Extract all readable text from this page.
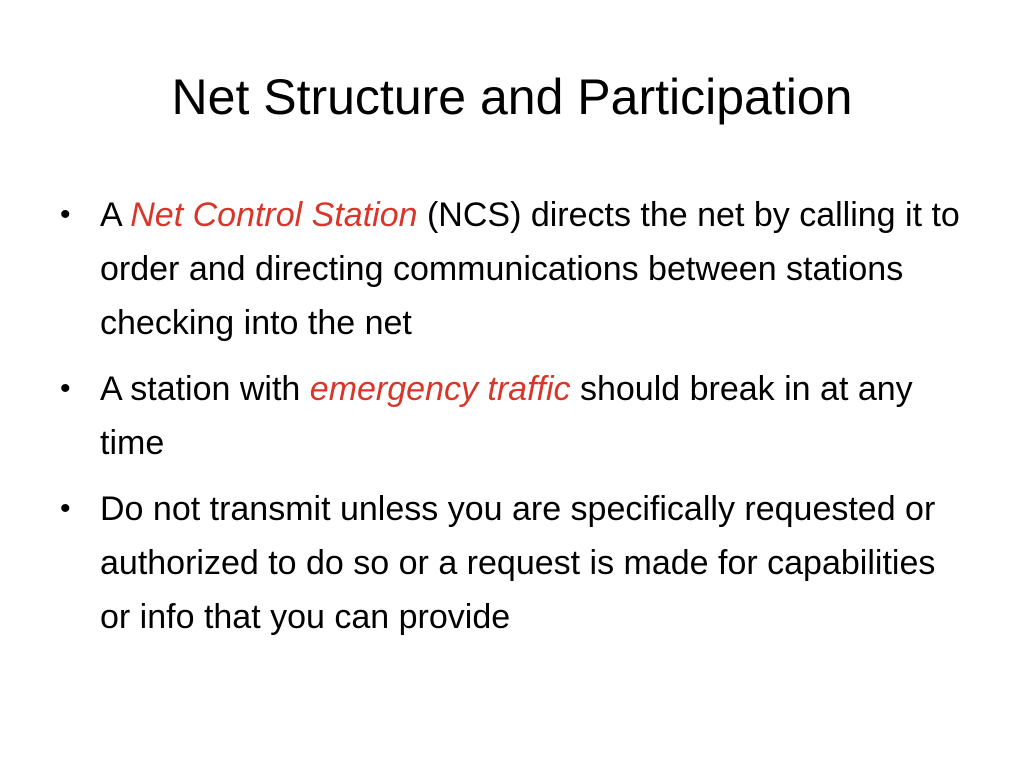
Net Structure and Participation
• A Net Control Station (NCS) directs the net by calling it to order and directing communications between stations checking into the net
• A station with emergency traffic should break in at any time
• Do not transmit unless you are specifically requested or authorized to do so or a request is made for capabilities or info that you can provide
